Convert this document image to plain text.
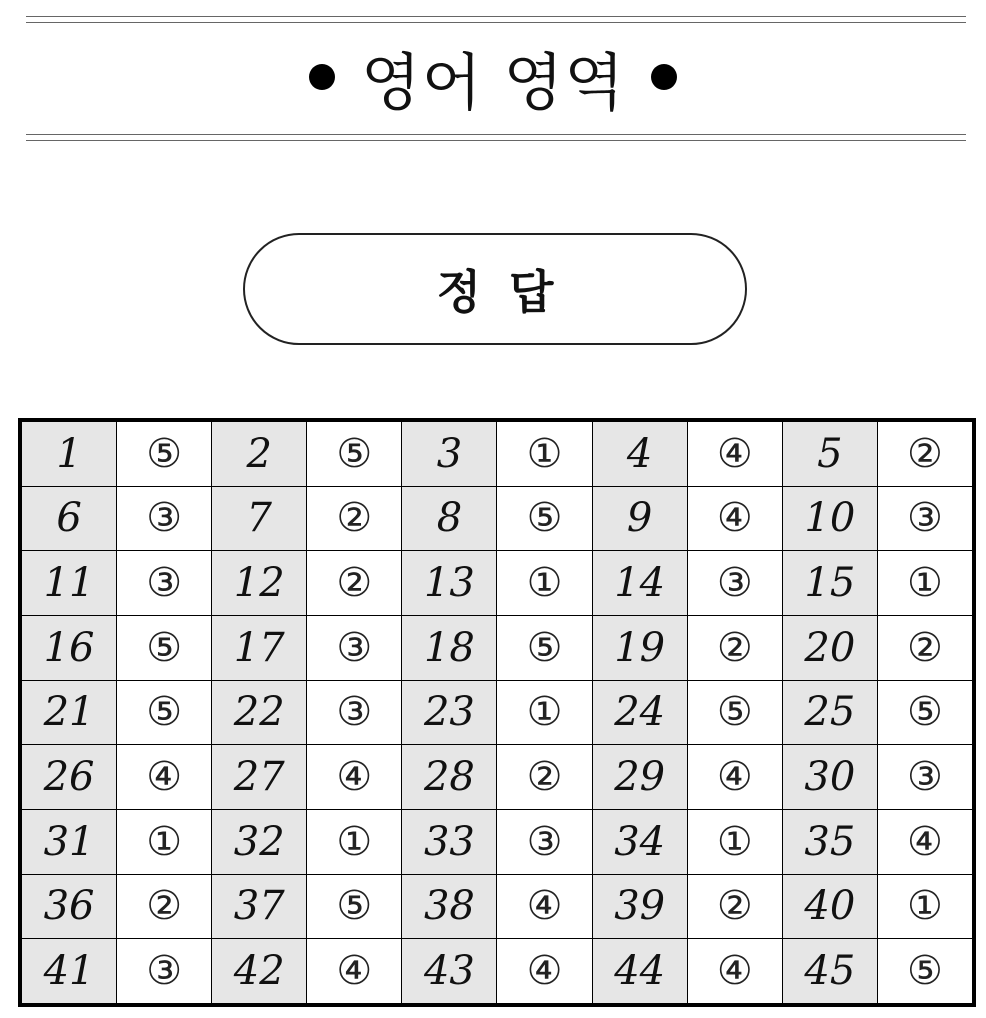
영어 영역
정답
1	⑤	2	⑤	3	①	4	④	5	②
6	③	7	②	8	⑤	9	④	10	③
11	③	12	②	13	①	14	③	15	①
16	⑤	17	③	18	⑤	19	②	20	②
21	⑤	22	③	23	①	24	⑤	25	⑤
26	④	27	④	28	②	29	④	30	③
31	①	32	①	33	③	34	①	35	④
36	②	37	⑤	38	④	39	②	40	①
41	③	42	④	43	④	44	④	45	⑤
